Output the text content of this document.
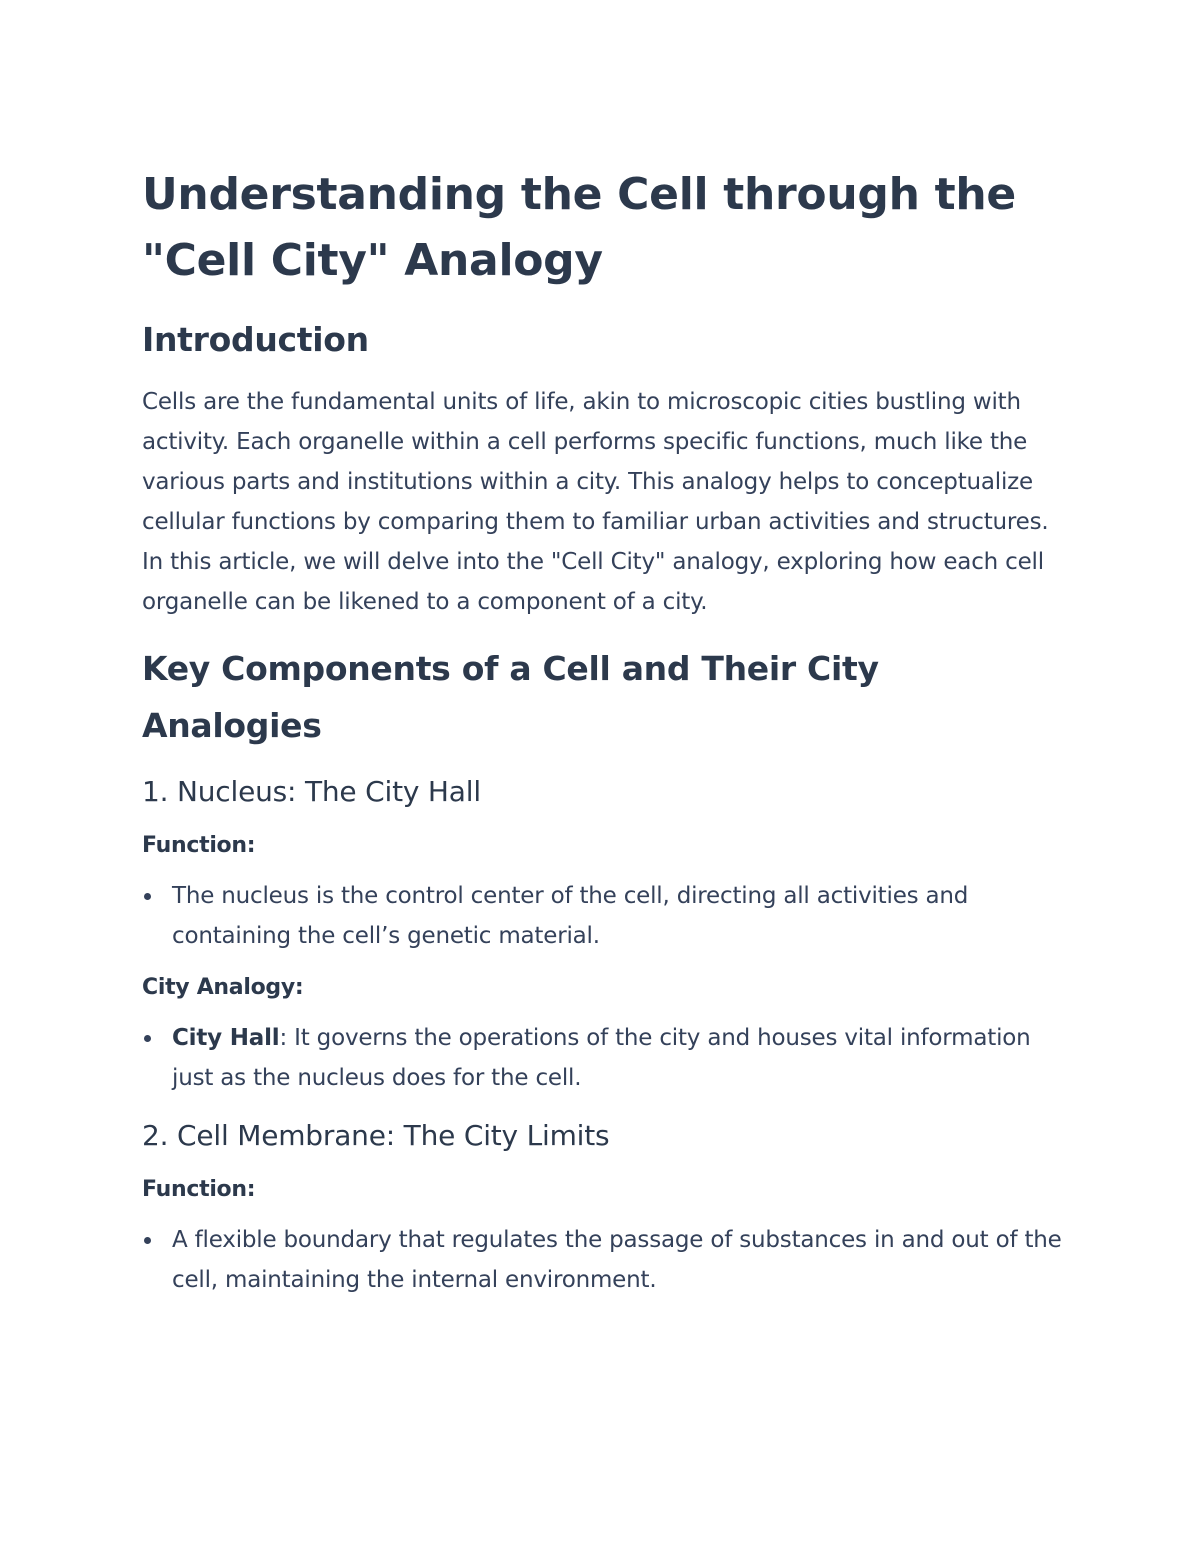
Understanding the Cell through the
"Cell City" Analogy
Introduction

Cells are the fundamental units of life, akin to microscopic cities bustling with activity. Each organelle within a cell performs specific functions, much like the various parts and institutions within a city. This analogy helps to conceptualize cellular functions by comparing them to familiar urban activities and structures. In this article, we will delve into the "Cell City" analogy, exploring how each cell organelle can be likened to a component of a city.

Key Components of a Cell and Their City
Analogies
1. Nucleus: The City Hall
Function:
The nucleus is the control center of the cell, directing all activities and containing the cell’s genetic material.
City Analogy:
City Hall: It governs the operations of the city and houses vital information just as the nucleus does for the cell.
2. Cell Membrane: The City Limits
Function:
A flexible boundary that regulates the passage of substances in and out of the cell, maintaining the internal environment.
